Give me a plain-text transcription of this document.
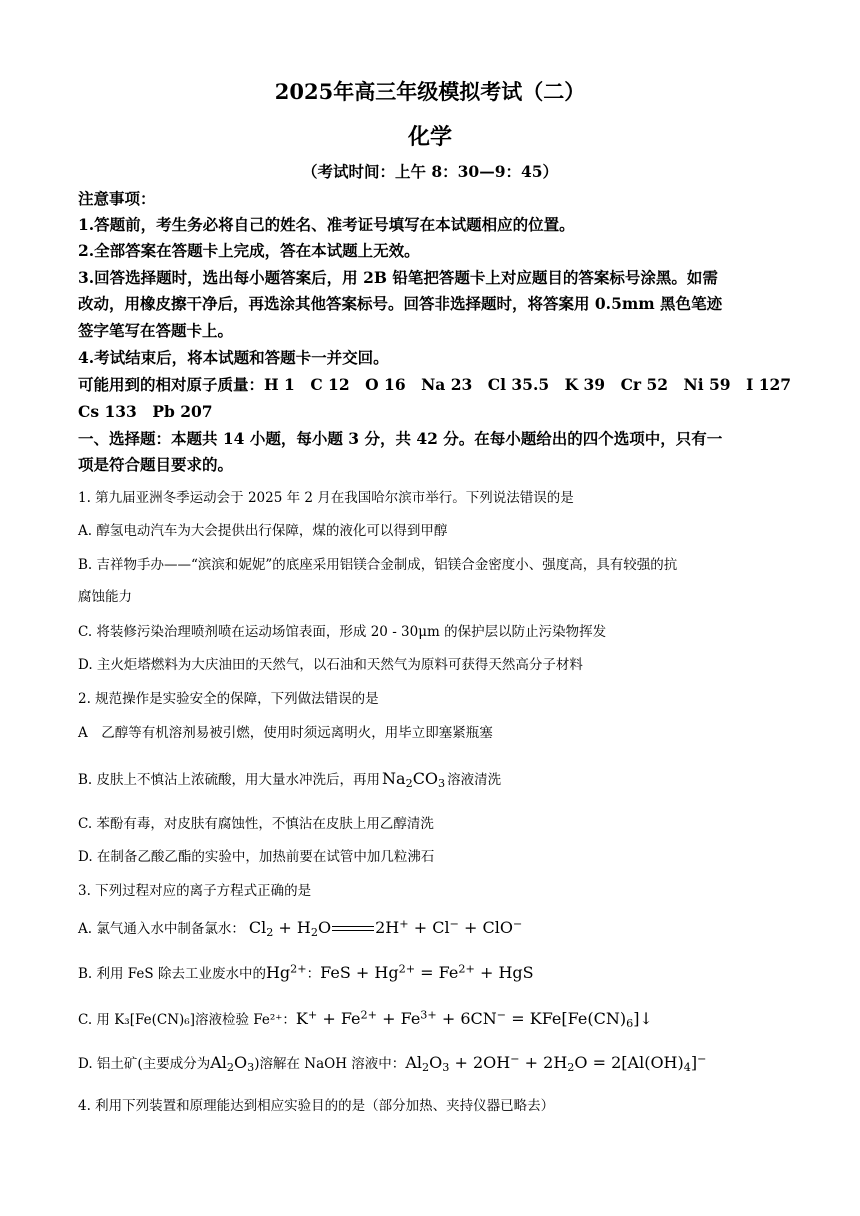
2025年高三年级模拟考试（二）
化学
（考试时间：上午 8：30—9：45）
注意事项：
1.答题前，考生务必将自己的姓名、准考证号填写在本试题相应的位置。
2.全部答案在答题卡上完成，答在本试题上无效。
3.回答选择题时，选出每小题答案后，用 2B 铅笔把答题卡上对应题目的答案标号涂黑。如需
改动，用橡皮擦干净后，再选涂其他答案标号。回答非选择题时，将答案用 0.5mm 黑色笔迹
签字笔写在答题卡上。
4.考试结束后，将本试题和答题卡一并交回。
可能用到的相对原子质量：H 1　C 12　O 16　Na 23　Cl 35.5　K 39　Cr 52　Ni 59　I 127
Cs 133　Pb 207
一、选择题：本题共 14 小题，每小题 3 分，共 42 分。在每小题给出的四个选项中，只有一
项是符合题目要求的。
1. 第九届亚洲冬季运动会于 2025 年 2 月在我国哈尔滨市举行。下列说法错误的是
A. 醇氢电动汽车为大会提供出行保障，煤的液化可以得到甲醇
B. 吉祥物手办——“滨滨和妮妮”的底座采用铝镁合金制成，铝镁合金密度小、强度高，具有较强的抗
腐蚀能力
C. 将装修污染治理喷剂喷在运动场馆表面，形成 20 - 30μm 的保护层以防止污染物挥发
D. 主火炬塔燃料为大庆油田的天然气，以石油和天然气为原料可获得天然高分子材料
2. 规范操作是实验安全的保障，下列做法错误的是
A　乙醇等有机溶剂易被引燃，使用时须远离明火，用毕立即塞紧瓶塞
B. 皮肤上不慎沾上浓硫酸，用大量水冲洗后，再用 $Na_2CO_3$ 溶液清洗
C. 苯酚有毒，对皮肤有腐蚀性，不慎沾在皮肤上用乙醇清洗
D. 在制备乙酸乙酯的实验中，加热前要在试管中加几粒沸石
3. 下列过程对应的离子方程式正确的是
A. 氯气通入水中制备氯水： $Cl_2 + H_2O$	2H+ + Cl− + ClO−
B. 利用 FeS 除去工业废水中的$Hg^{2+}$：FeS + $Hg^{2+} = Fe^{2+}$ + HgS
C. 用 K₃[Fe(CN)₆]溶液检验 Fe²⁺：$K^+ + Fe^{2+} + Fe^{3+} + 6CN^-$ = $KFe[Fe(CN)_6]↓$
D. 铝土矿(主要成分为$Al_2O_3$)溶解在 NaOH 溶液中：$Al_2O_3 + 2OH^- + 2H_2O = 2[Al(OH)_4]^-$
4. 利用下列装置和原理能达到相应实验目的的是（部分加热、夹持仪器已略去）
